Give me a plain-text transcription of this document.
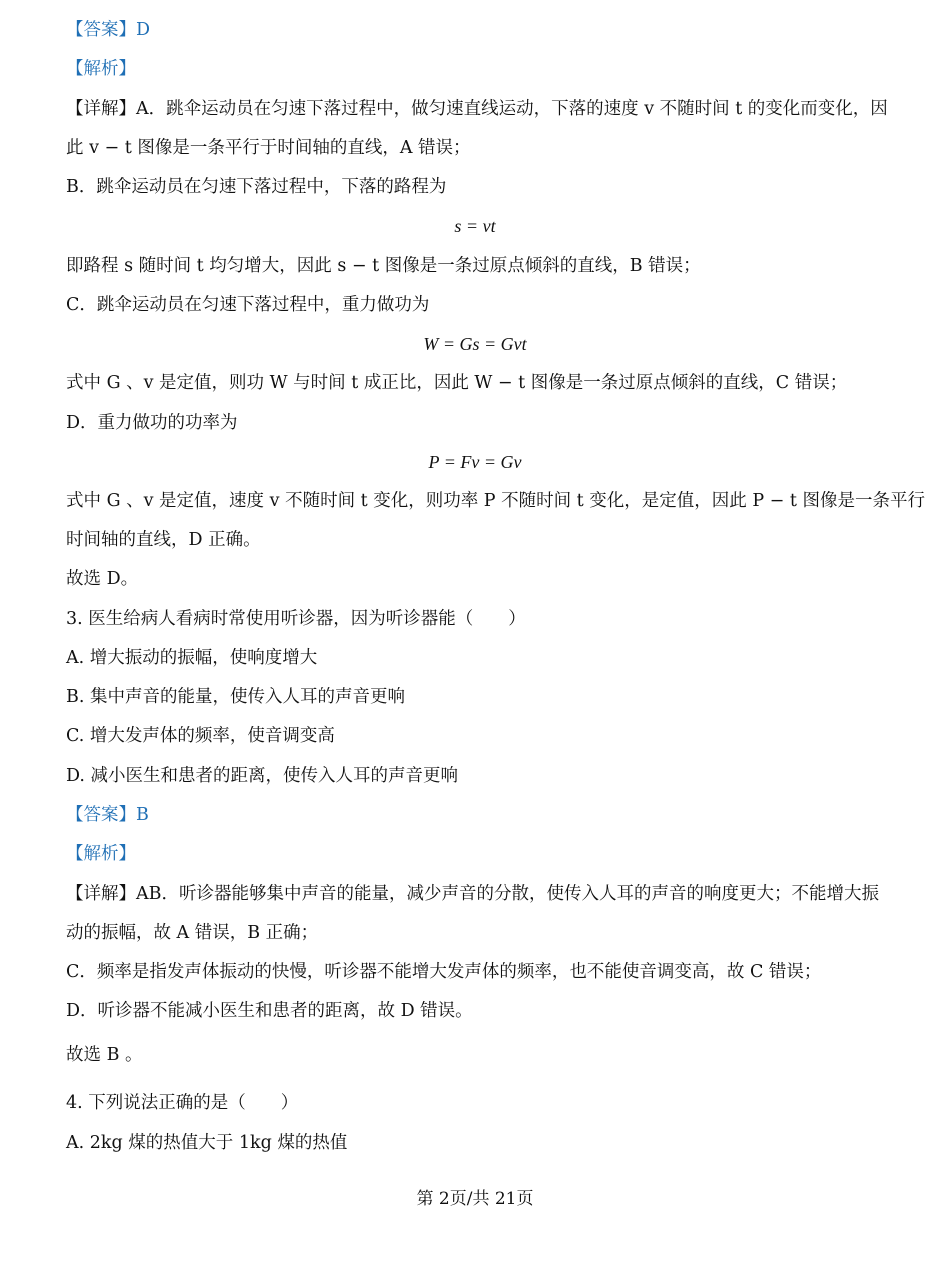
【答案】D
【解析】
【详解】A．跳伞运动员在匀速下落过程中，做匀速直线运动，下落的速度 v 不随时间 t 的变化而变化，因
此 v − t 图像是一条平行于时间轴的直线，A 错误；
B．跳伞运动员在匀速下落过程中，下落的路程为
s = vt
即路程 s 随时间 t 均匀增大，因此 s − t 图像是一条过原点倾斜的直线，B 错误；
C．跳伞运动员在匀速下落过程中，重力做功为
W = Gs = Gvt
式中 G 、v 是定值，则功 W 与时间 t 成正比，因此 W − t 图像是一条过原点倾斜的直线，C 错误；
D．重力做功的功率为
P = Fv = Gv
式中 G 、v 是定值，速度 v 不随时间 t 变化，则功率 P 不随时间 t 变化，是定值，因此 P − t 图像是一条平行
时间轴的直线，D 正确。
故选 D。
3. 医生给病人看病时常使用听诊器，因为听诊器能（　　）
A. 增大振动的振幅，使响度增大
B. 集中声音的能量，使传入人耳的声音更响
C. 增大发声体的频率，使音调变高
D. 减小医生和患者的距离，使传入人耳的声音更响
【答案】B
【解析】
【详解】AB．听诊器能够集中声音的能量，减少声音的分散，使传入人耳的声音的响度更大；不能增大振
动的振幅，故 A 错误，B 正确；
C．频率是指发声体振动的快慢，听诊器不能增大发声体的频率，也不能使音调变高，故 C 错误；
D．听诊器不能减小医生和患者的距离，故 D 错误。
故选 B 。
4. 下列说法正确的是（　　）
A. 2kg 煤的热值大于 1kg 煤的热值
第 2页/共 21页
